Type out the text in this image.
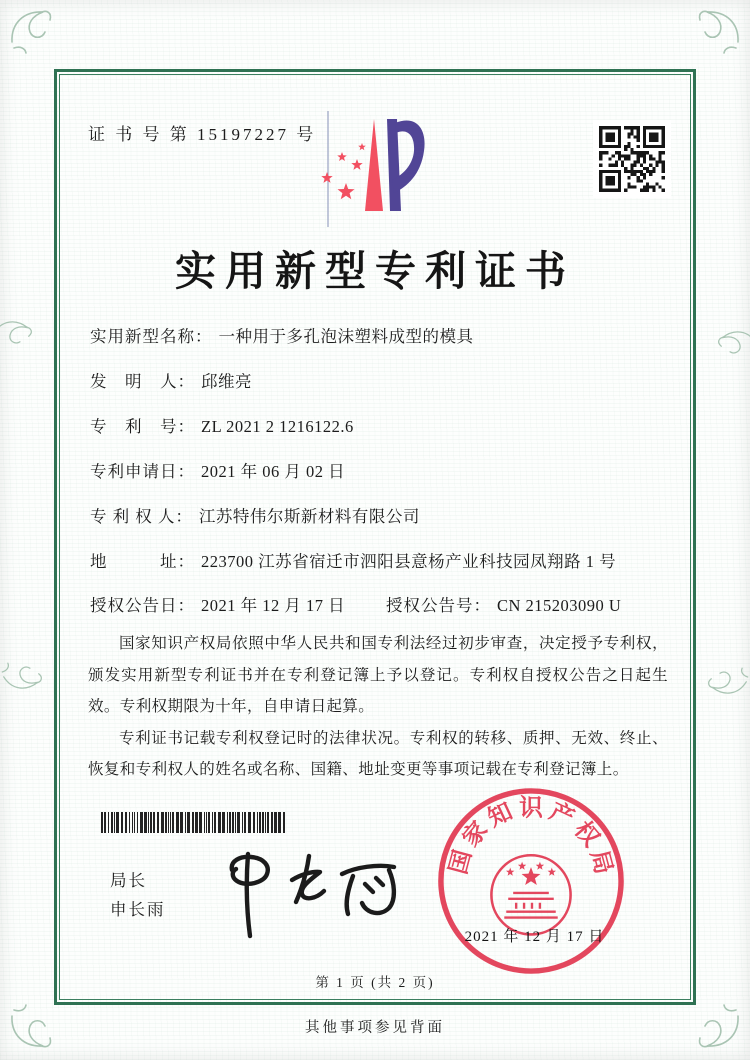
证 书 号 第 15197227 号
实用新型专利证书
实用新型名称： 一种用于多孔泡沫塑料成型的模具
发　明　人： 邱维亮
专　利　号： ZL 2021 2 1216122.6
专利申请日： 2021 年 06 月 02 日
专 利 权 人： 江苏特伟尔斯新材料有限公司
地　　　址： 223700 江苏省宿迁市泗阳县意杨产业科技园凤翔路 1 号
授权公告日： 2021 年 12 月 17 日 授权公告号： CN 215203090 U

国家知识产权局依照中华人民共和国专利法经过初步审查，决定授予专利权，颁发实用新型专利证书并在专利登记簿上予以登记。专利权自授权公告之日起生效。专利权期限为十年，自申请日起算。

专利证书记载专利权登记时的法律状况。专利权的转移、质押、无效、终止、恢复和专利权人的姓名或名称、国籍、地址变更等事项记载在专利登记簿上。

局长
申长雨
国
家
知 识 产
权
局
2021 年 12 月 17 日
第 1 页 (共 2 页)
其他事项参见背面
